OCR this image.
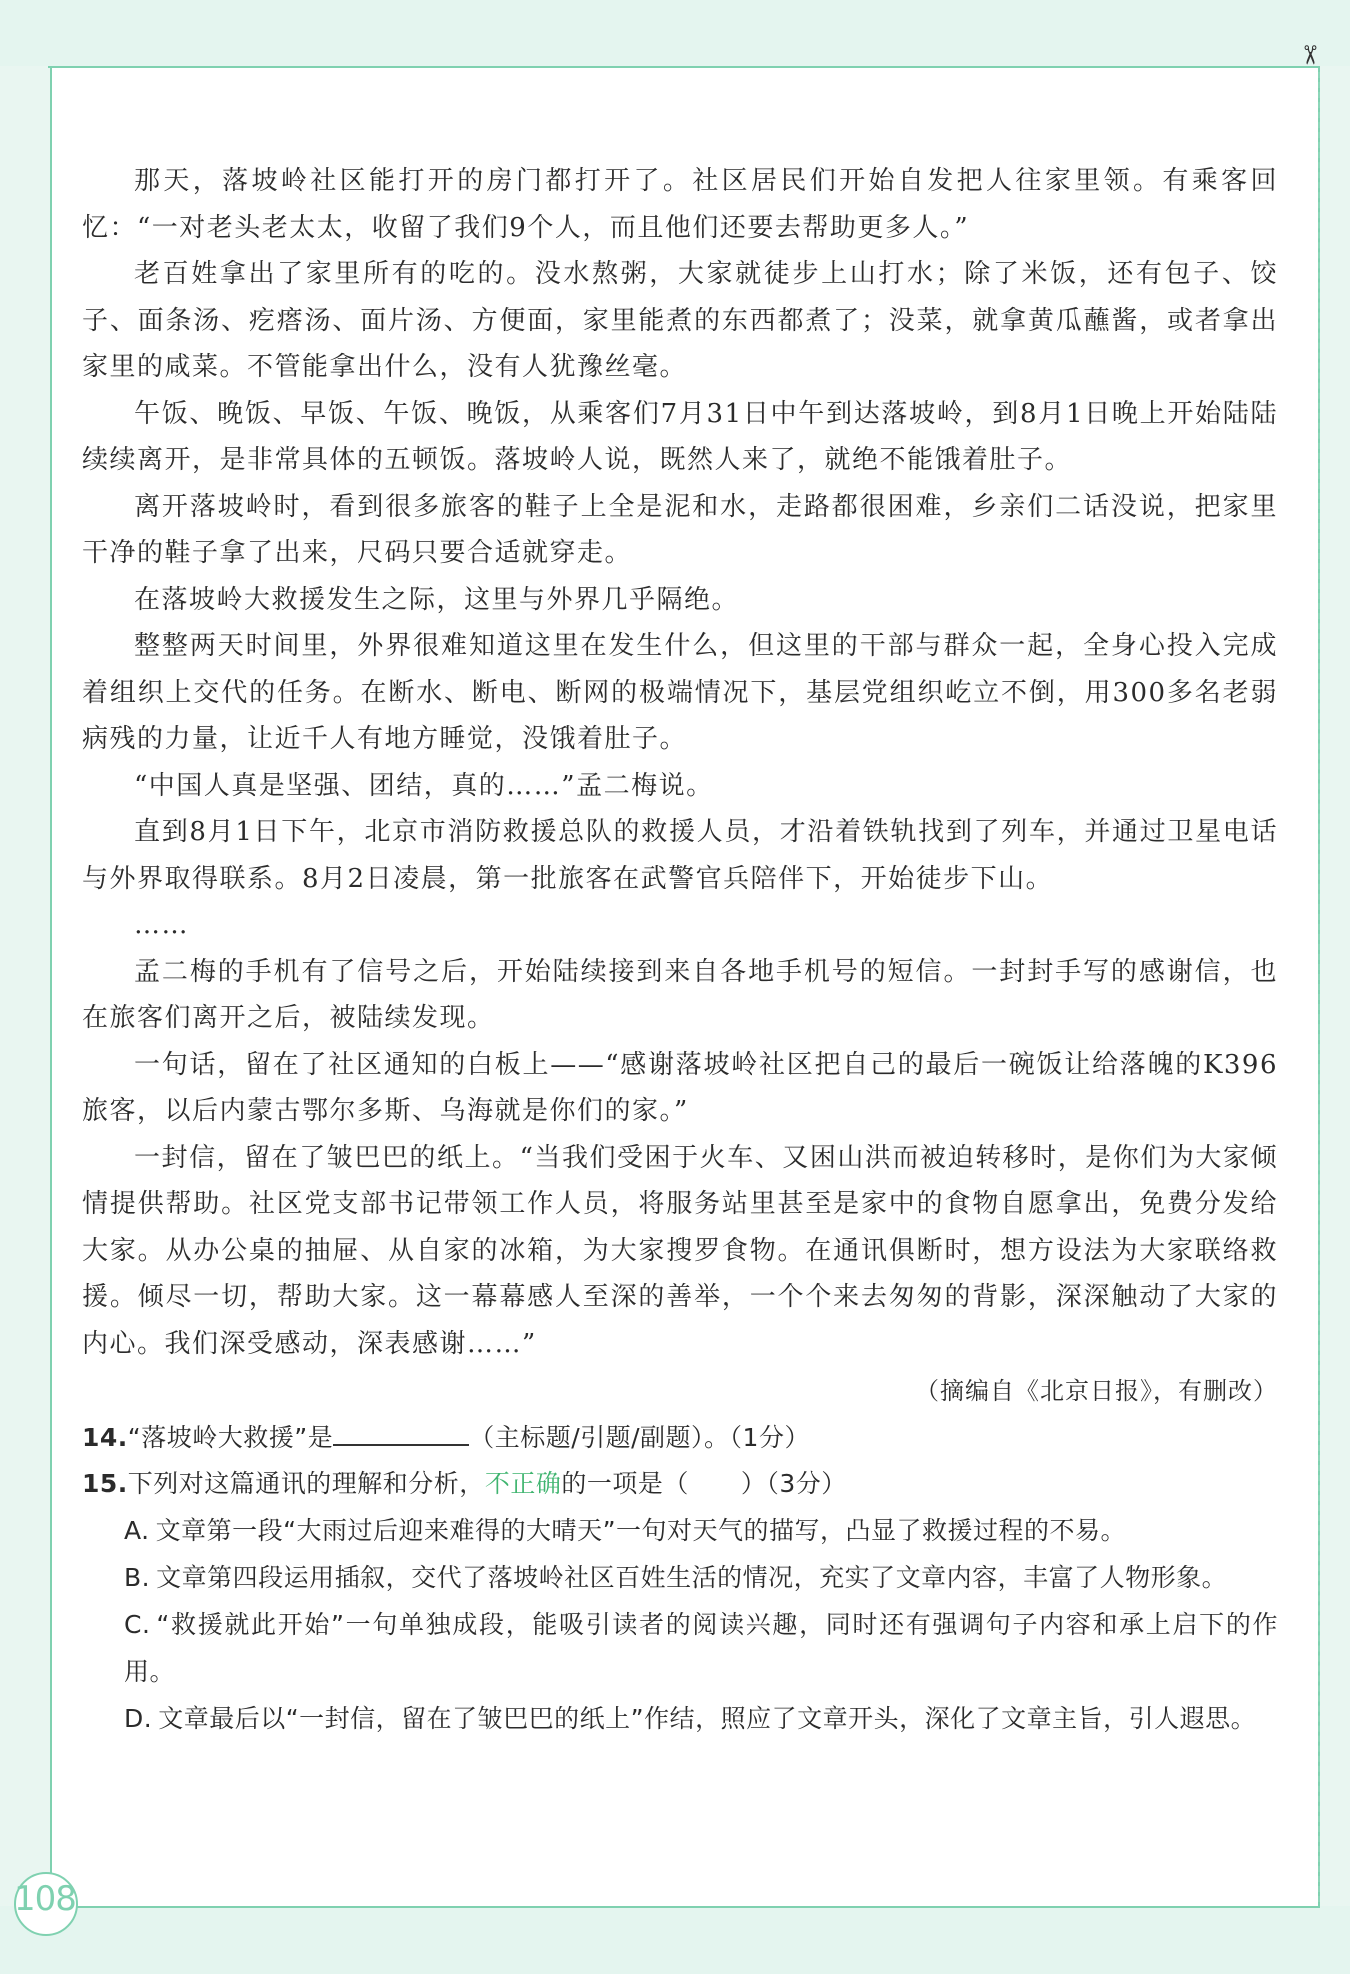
✂

那天，落坡岭社区能打开的房门都打开了。社区居民们开始自发把人往家里领。有乘客回忆：“一对老头老太太，收留了我们9个人，而且他们还要去帮助更多人。”

老百姓拿出了家里所有的吃的。没水熬粥，大家就徒步上山打水；除了米饭，还有包子、饺子、面条汤、疙瘩汤、面片汤、方便面，家里能煮的东西都煮了；没菜，就拿黄瓜蘸酱，或者拿出家里的咸菜。不管能拿出什么，没有人犹豫丝毫。

午饭、晚饭、早饭、午饭、晚饭，从乘客们7月31日中午到达落坡岭，到8月1日晚上开始陆陆续续离开，是非常具体的五顿饭。落坡岭人说，既然人来了，就绝不能饿着肚子。

离开落坡岭时，看到很多旅客的鞋子上全是泥和水，走路都很困难，乡亲们二话没说，把家里干净的鞋子拿了出来，尺码只要合适就穿走。

在落坡岭大救援发生之际，这里与外界几乎隔绝。

整整两天时间里，外界很难知道这里在发生什么，但这里的干部与群众一起，全身心投入完成着组织上交代的任务。在断水、断电、断网的极端情况下，基层党组织屹立不倒，用300多名老弱病残的力量，让近千人有地方睡觉，没饿着肚子。

“中国人真是坚强、团结，真的……”孟二梅说。

直到8月1日下午，北京市消防救援总队的救援人员，才沿着铁轨找到了列车，并通过卫星电话与外界取得联系。8月2日凌晨，第一批旅客在武警官兵陪伴下，开始徒步下山。

……

孟二梅的手机有了信号之后，开始陆续接到来自各地手机号的短信。一封封手写的感谢信，也在旅客们离开之后，被陆续发现。

一句话，留在了社区通知的白板上——“感谢落坡岭社区把自己的最后一碗饭让给落魄的K396旅客，以后内蒙古鄂尔多斯、乌海就是你们的家。”

一封信，留在了皱巴巴的纸上。“当我们受困于火车、又困山洪而被迫转移时，是你们为大家倾情提供帮助。社区党支部书记带领工作人员，将服务站里甚至是家中的食物自愿拿出，免费分发给大家。从办公桌的抽屉、从自家的冰箱，为大家搜罗食物。在通讯俱断时，想方设法为大家联络救援。倾尽一切，帮助大家。这一幕幕感人至深的善举，一个个来去匆匆的背影，深深触动了大家的内心。我们深受感动，深表感谢……”

（摘编自《北京日报》，有删改）

14.“落坡岭大救援”是	（主标题/引题/副题）。（1分）

15.下列对这篇通讯的理解和分析，不正确的一项是（ ）（3分）

A. 文章第一段“大雨过后迎来难得的大晴天”一句对天气的描写，凸显了救援过程的不易。

B. 文章第四段运用插叙，交代了落坡岭社区百姓生活的情况，充实了文章内容，丰富了人物形象。

C. “救援就此开始”一句单独成段，能吸引读者的阅读兴趣，同时还有强调句子内容和承上启下的作用。

D. 文章最后以“一封信，留在了皱巴巴的纸上”作结，照应了文章开头，深化了文章主旨，引人遐思。

108
